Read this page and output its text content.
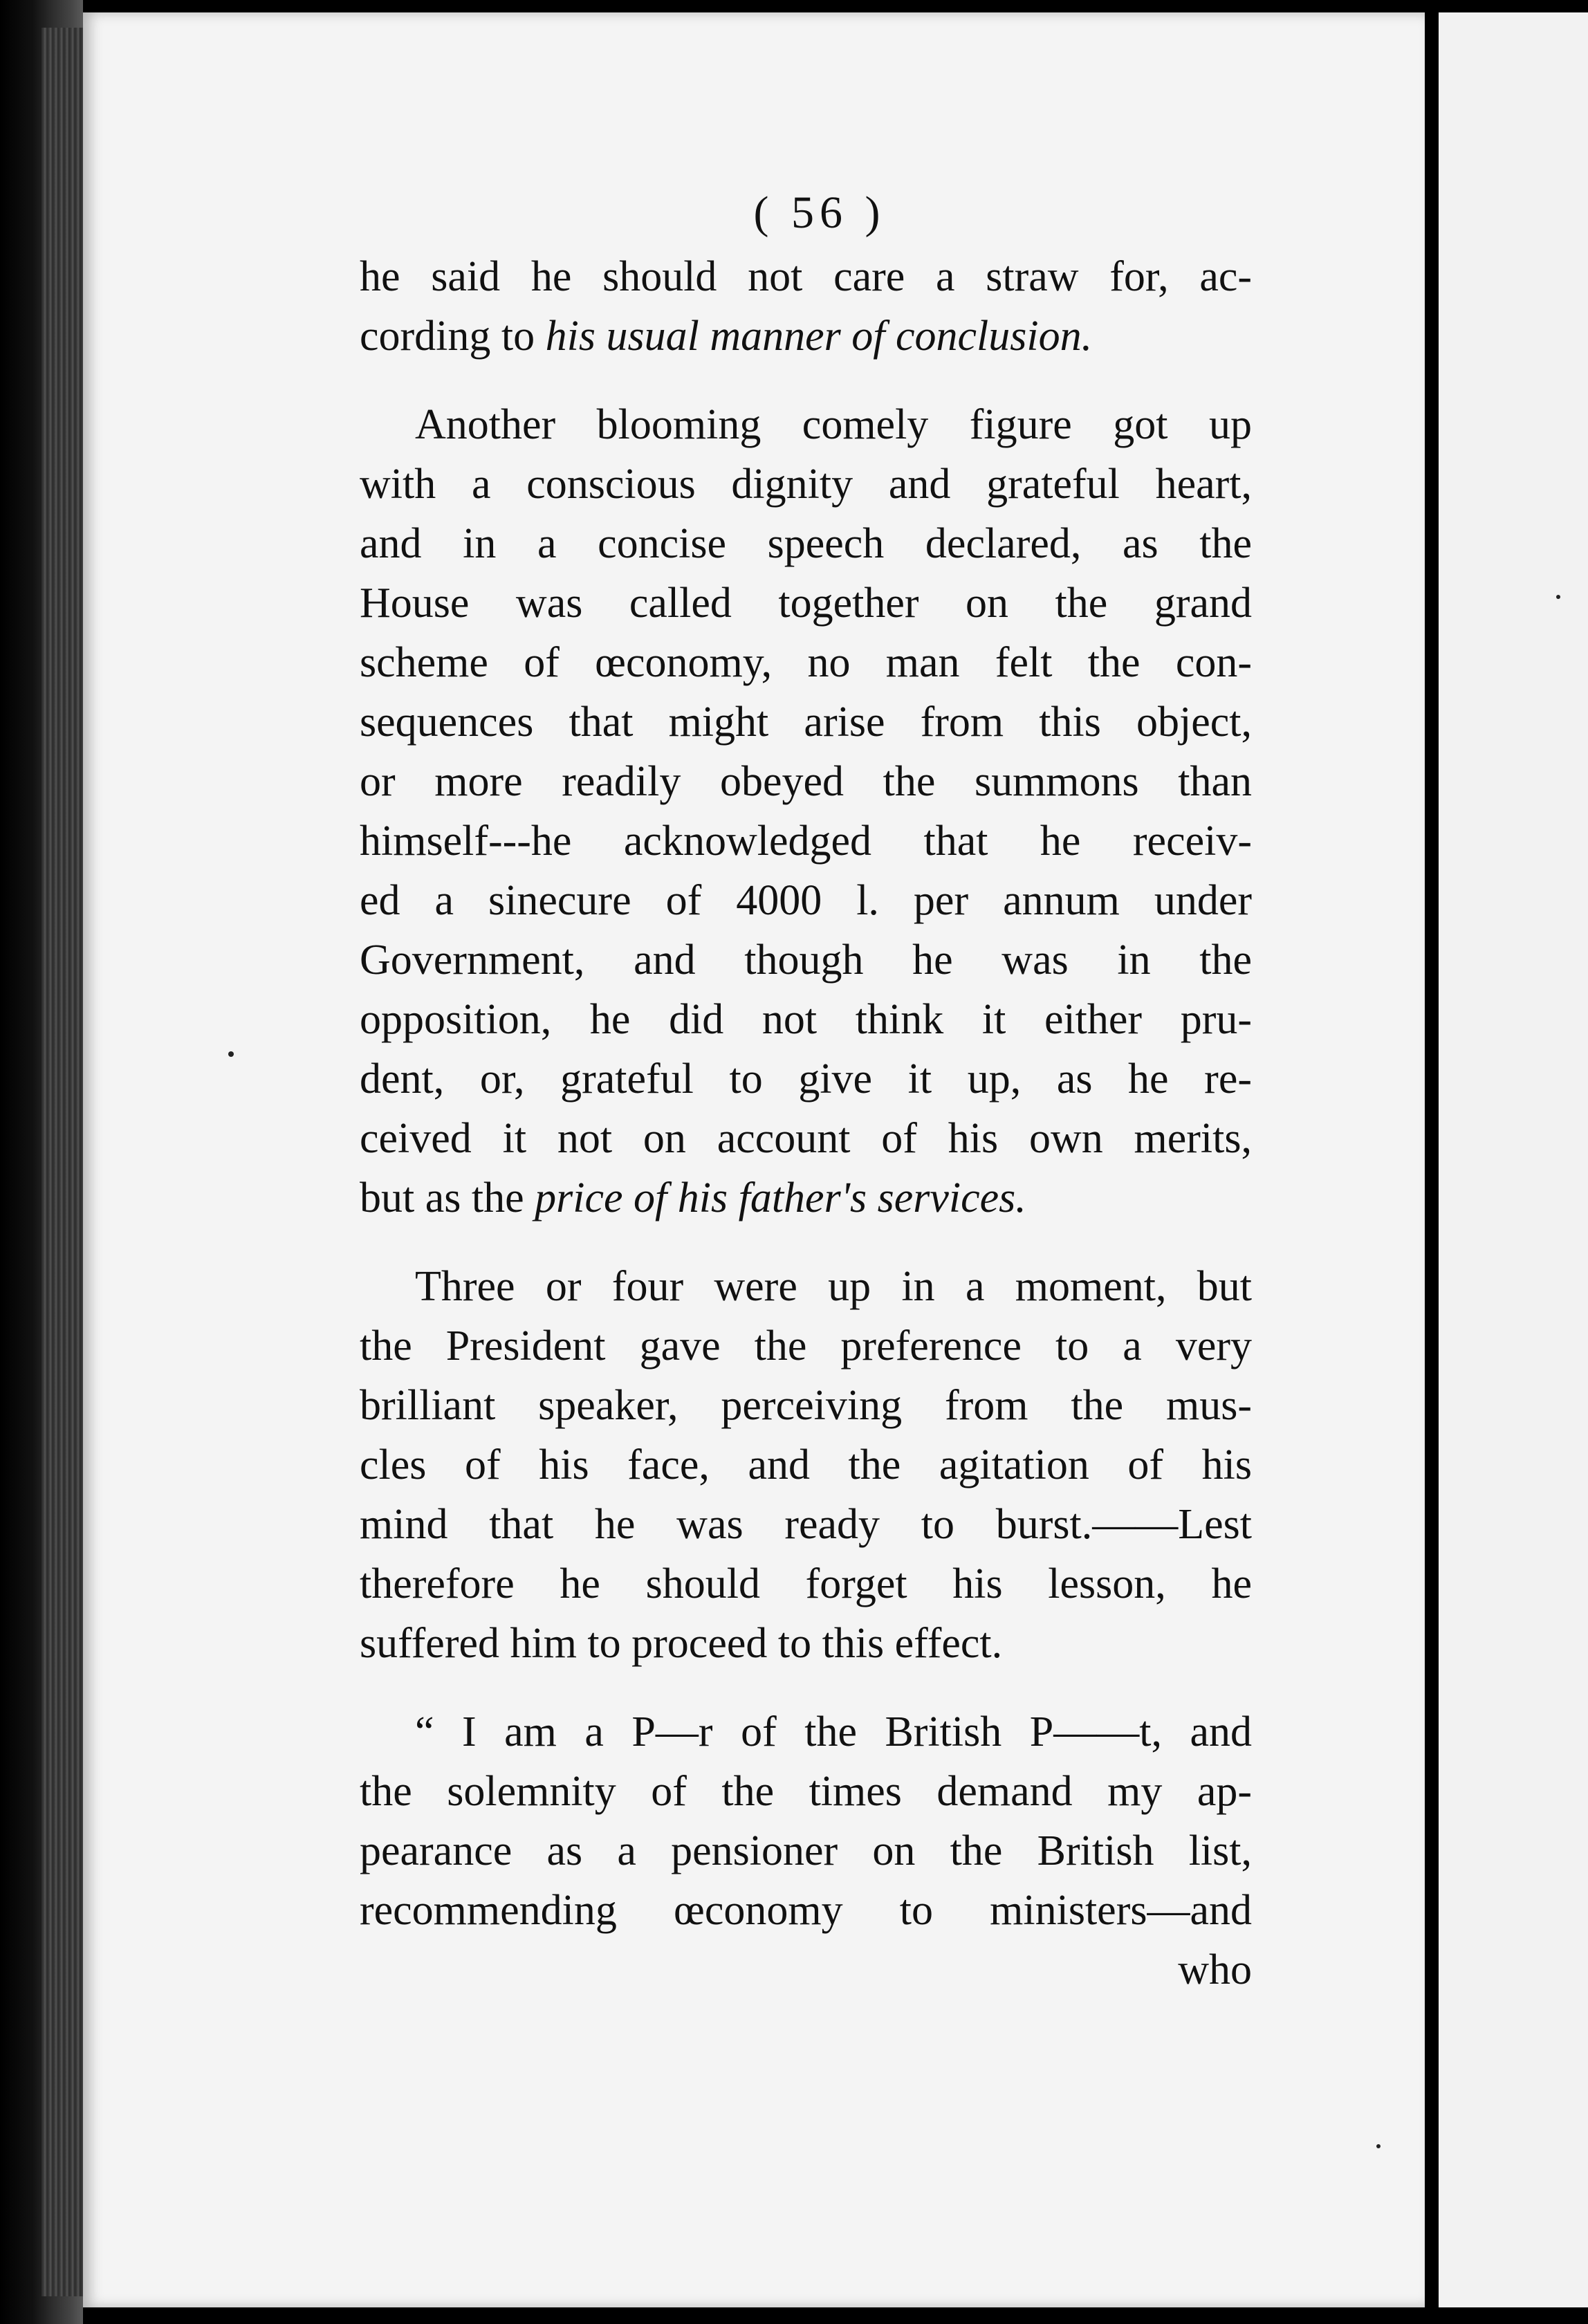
( 56 )
he said he should not care a straw for, ac-
cording to his usual manner of conclusion.
Another blooming comely figure got up
with a conscious dignity and grateful heart,
and in a concise speech declared, as the
House was called together on the grand
scheme of œconomy, no man felt the con-
sequences that might arise from this object,
or more readily obeyed the summons than
himself---he acknowledged that he receiv-
ed a sinecure of 4000 l. per annum under
Government, and though he was in the
opposition, he did not think it either pru-
dent, or, grateful to give it up, as he re-
ceived it not on account of his own merits,
but as the price of his father's services.
Three or four were up in a moment, but
the President gave the preference to a very
brilliant speaker, perceiving from the mus-
cles of his face, and the agitation of his
mind that he was ready to burst.——Lest
therefore he should forget his lesson, he
suffered him to proceed to this effect.
“ I am a P—r of the British P——t, and
the solemnity of the times demand my ap-
pearance as a pensioner on the British list,
recommending œconomy to ministers—and
who
